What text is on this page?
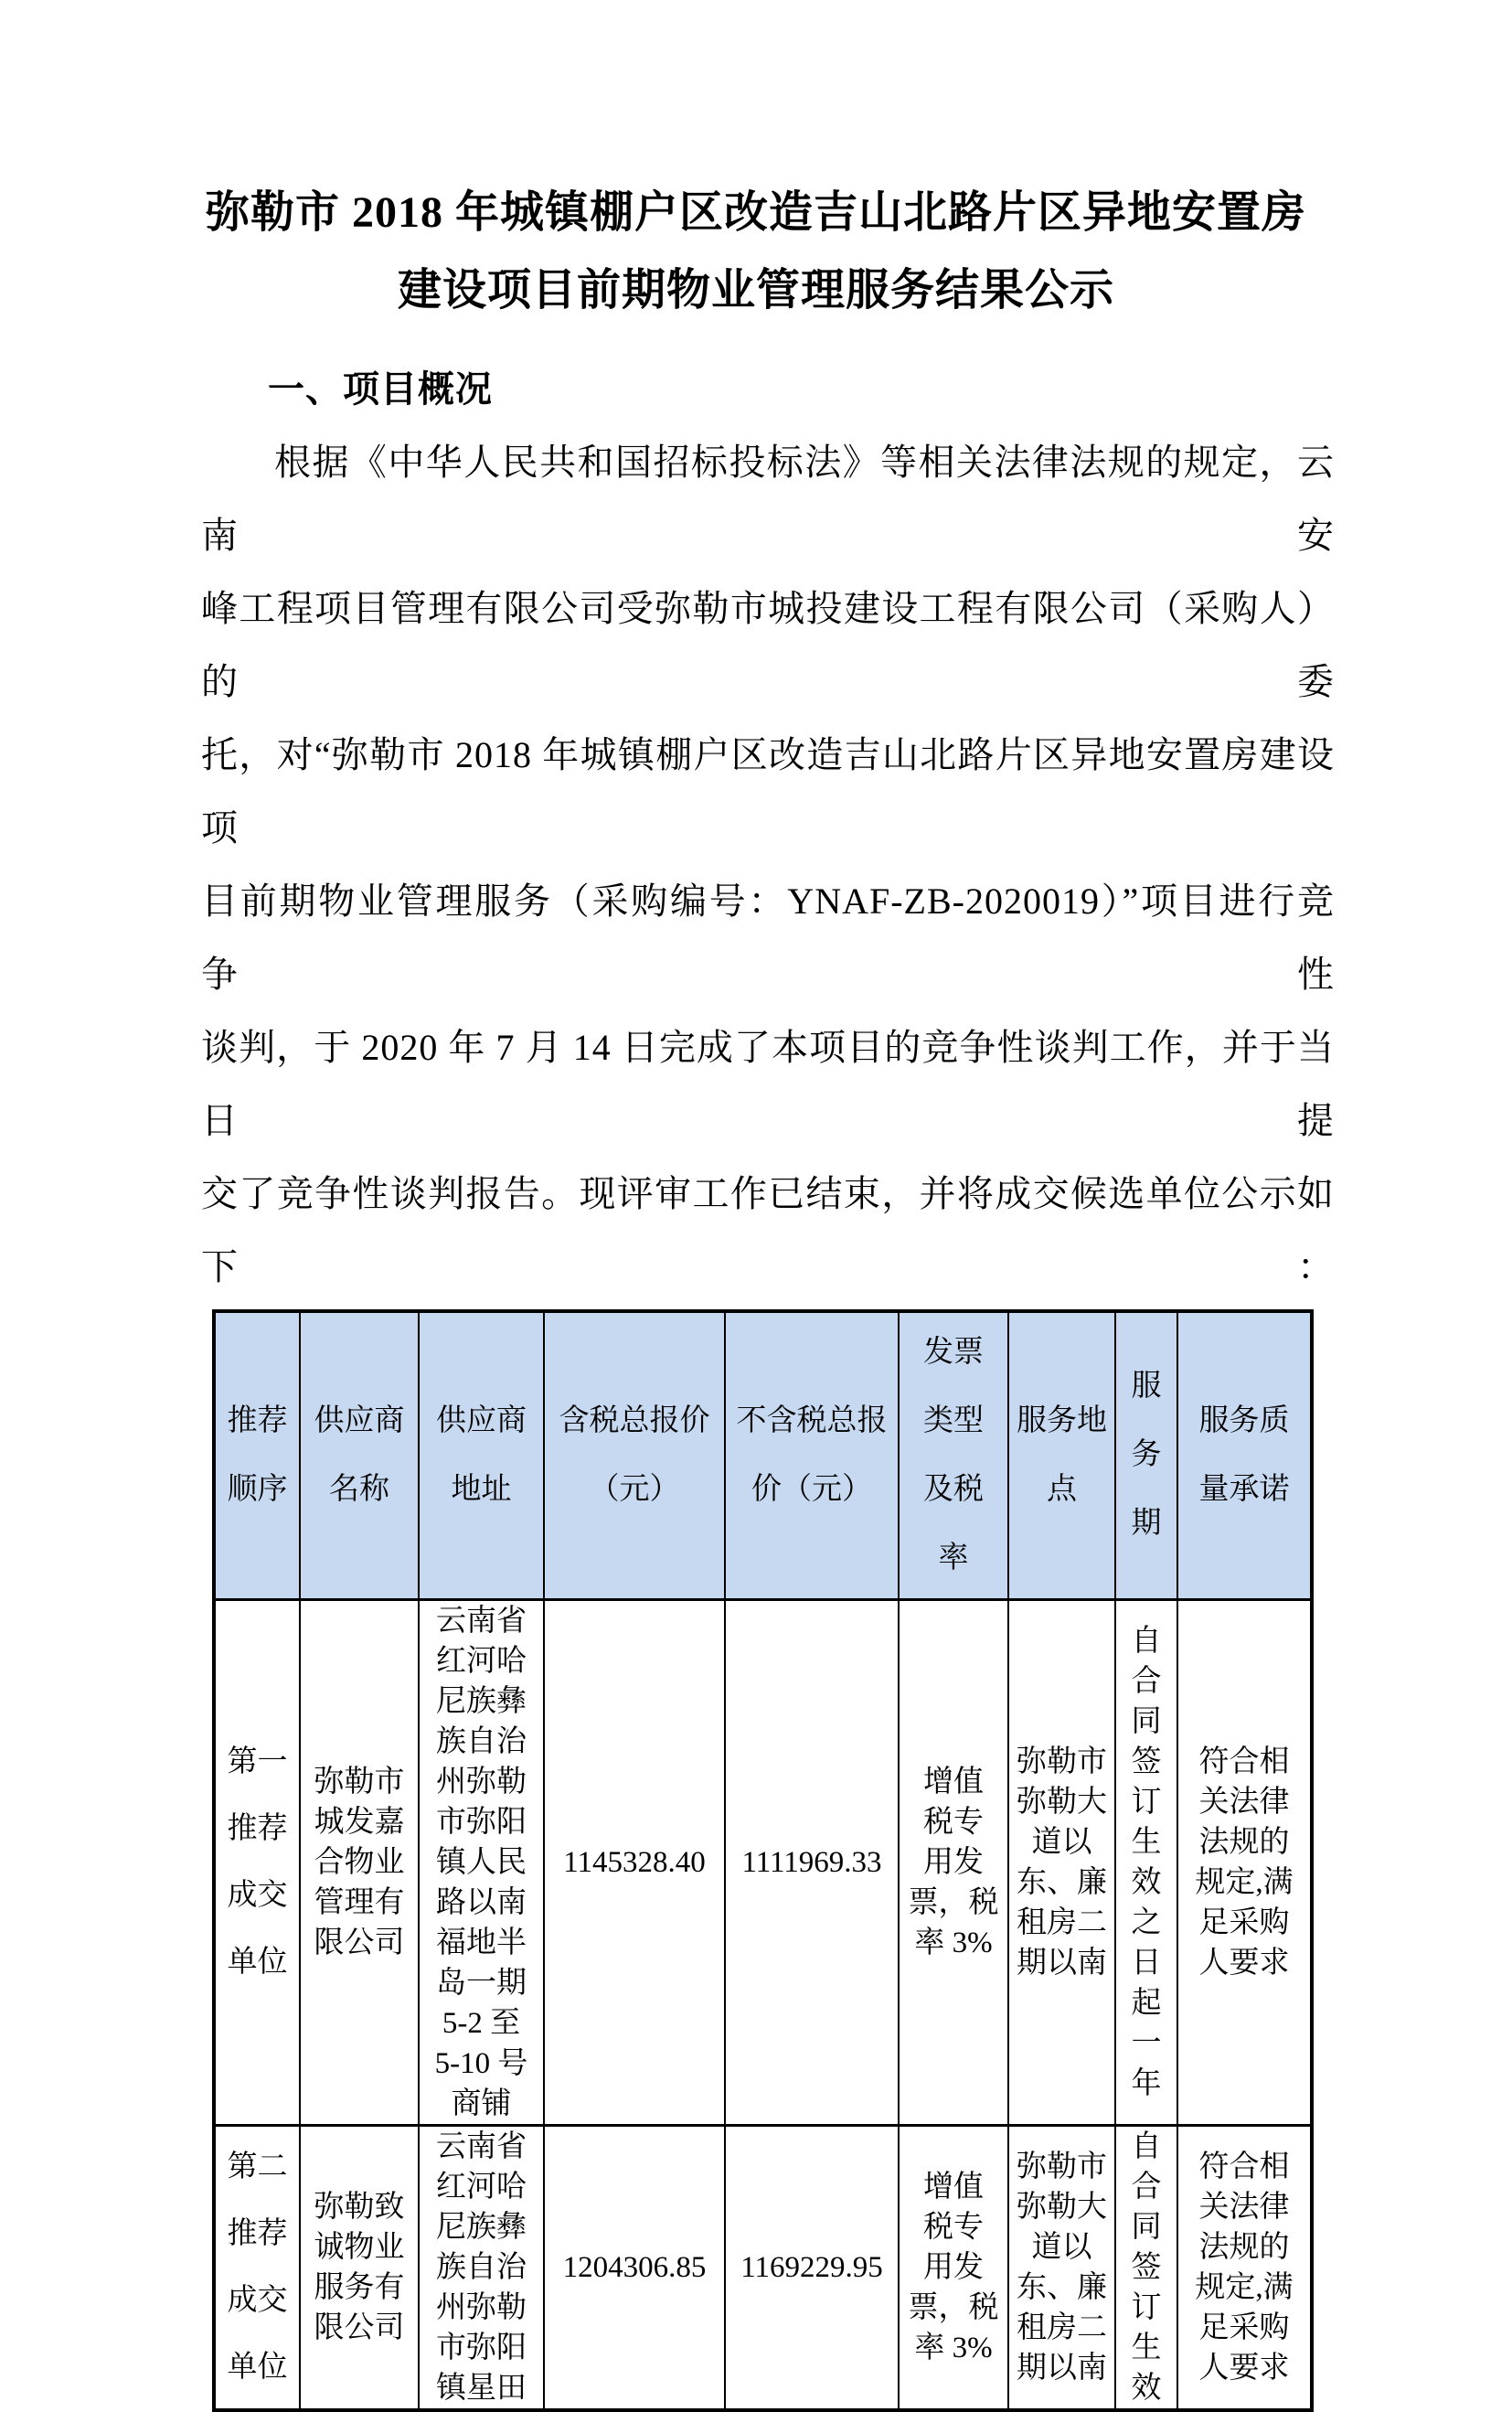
弥勒市 2018 年城镇棚户区改造吉山北路片区异地安置房
建设项目前期物业管理服务结果公示
一、项目概况
根据《中华人民共和国招标投标法》等相关法律法规的规定，云南安
峰工程项目管理有限公司受弥勒市城投建设工程有限公司（采购人）的委
托，对“弥勒市 2018 年城镇棚户区改造吉山北路片区异地安置房建设项
目前期物业管理服务（采购编号：YNAF-ZB-2020019）”项目进行竞争性
谈判，于 2020 年 7 月 14 日完成了本项目的竞争性谈判工作，并于当日提
交了竞争性谈判报告。现评审工作已结束，并将成交候选单位公示如下：
推荐
顺序	供应商
名称	供应商
地址	含税总报价
（元）	不含税总报
价（元）	发票
类型
及税
率	服务地
点	服
务
期	服务质
量承诺
第一
推荐
成交
单位	弥勒市
城发嘉
合物业
管理有
限公司	云南省
红河哈
尼族彝
族自治
州弥勒
市弥阳
镇人民
路以南
福地半
岛一期
5-2 至
5-10 号
商铺	1145328.40	1111969.33	增值
税专
用发
票，税
率 3%	弥勒市
弥勒大
道以
东、廉
租房二
期以南	自
合
同
签
订
生
效
之
日
起
一
年	符合相
关法律
法规的
规定,满
足采购
人要求
第二
推荐
成交
单位	弥勒致
诚物业
服务有
限公司	云南省
红河哈
尼族彝
族自治
州弥勒
市弥阳
镇星田	1204306.85	1169229.95	增值
税专
用发
票，税
率 3%	弥勒市
弥勒大
道以
东、廉
租房二
期以南	自
合
同
签
订
生
效	符合相
关法律
法规的
规定,满
足采购
人要求
